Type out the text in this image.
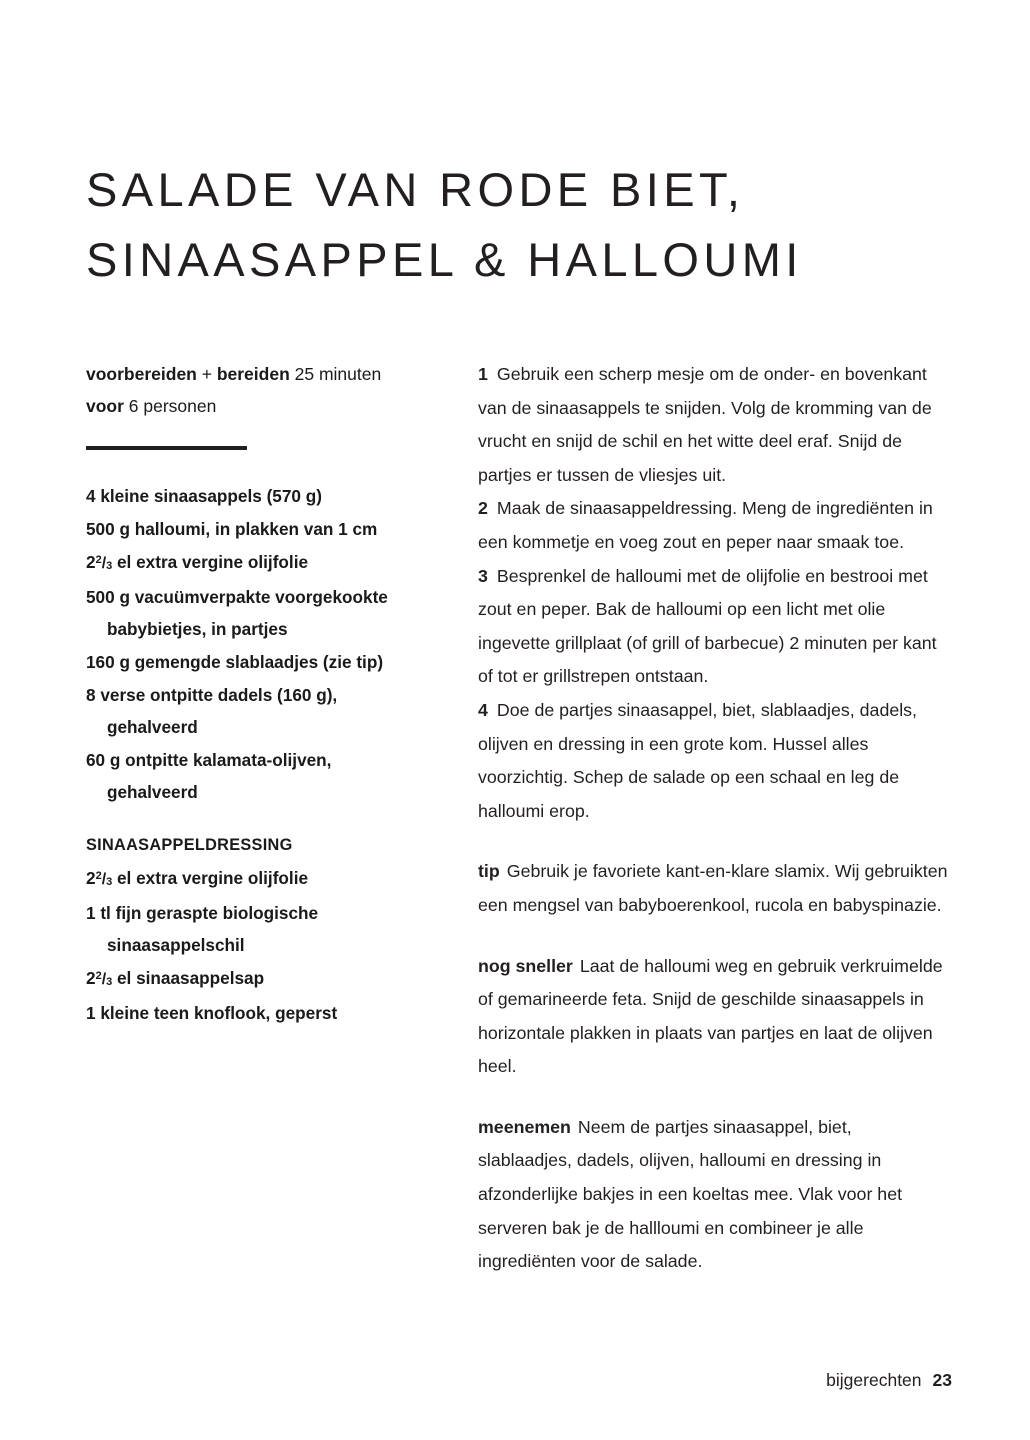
SALADE VAN RODE BIET,
SINAASAPPEL & HALLOUMI
voorbereiden + bereiden 25 minuten
voor 6 personen
4 kleine sinaasappels (570 g)
500 g halloumi, in plakken van 1 cm
$2^2/_3$ el extra vergine olijfolie
500 g vacuümverpakte voorgekookte
babybietjes, in partjes
160 g gemengde slablaadjes (zie tip)
8 verse ontpitte dadels (160 g),
gehalveerd
60 g ontpitte kalamata-olijven,
gehalveerd
SINAASAPPELDRESSING
$2^2/_3$ el extra vergine olijfolie
1 tl fijn geraspte biologische
sinaasappelschil
$2^2/_3$ el sinaasappelsap
1 kleine teen knoflook, geperst

1 Gebruik een scherp mesje om de onder- en bovenkant van de sinaasappels te snijden. Volg de kromming van de vrucht en snijd de schil en het witte deel eraf. Snijd de partjes er tussen de vliesjes uit.

2 Maak de sinaasappeldressing. Meng de ingrediënten in een kommetje en voeg zout en peper naar smaak toe.

3 Besprenkel de halloumi met de olijfolie en bestrooi met zout en peper. Bak de halloumi op een licht met olie ingevette grillplaat (of grill of barbecue) 2 minuten per kant of tot er grillstrepen ontstaan.

4 Doe de partjes sinaasappel, biet, slablaadjes, dadels, olijven en dressing in een grote kom. Hussel alles voorzichtig. Schep de salade op een schaal en leg de halloumi erop.

tip Gebruik je favoriete kant-en-klare slamix. Wij gebruikten een mengsel van babyboerenkool, rucola en babyspinazie.

nog sneller Laat de halloumi weg en gebruik verkruimelde of gemarineerde feta. Snijd de geschilde sinaasappels in horizontale plakken in plaats van partjes en laat de olijven heel.

meenemen Neem de partjes sinaasappel, biet, slablaadjes, dadels, olijven, halloumi en dressing in afzonderlijke bakjes in een koeltas mee. Vlak voor het serveren bak je de hallloumi en combineer je alle ingrediënten voor de salade.

bijgerechten 23
